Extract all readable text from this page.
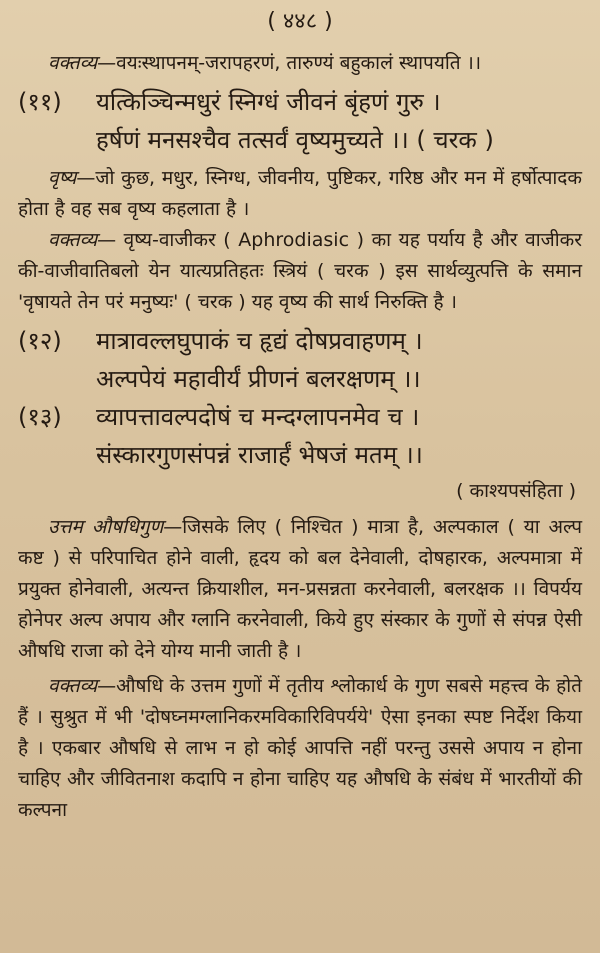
( ४४८ )

वक्तव्य—वयःस्थापनम्-जरापहरणं, तारुण्यं बहुकालं स्थापयति ।।

(११) यत्किञ्चिन्मधुरं स्निग्धं जीवनं बृंहणं गुरु ।
हर्षणं मनसश्चैव तत्सर्वं वृष्यमुच्यते ।। ( चरक )

वृष्य—जो कुछ, मधुर, स्निग्ध, जीवनीय, पुष्टिकर, गरिष्ठ और मन में हर्षोत्पादक होता है वह सब वृष्य कहलाता है ।

वक्तव्य— वृष्य-वाजीकर ( Aphrodiasic ) का यह पर्याय है और वाजीकर की-वाजीवातिबलो येन यात्यप्रतिहतः स्त्रियं ( चरक ) इस सार्थव्युत्पत्ति के समान 'वृषायते तेन परं मनुष्यः' ( चरक ) यह वृष्य की सार्थ निरुक्ति है ।

(१२) मात्रावल्लघुपाकं च हृद्यं दोषप्रवाहणम् ।
अल्पपेयं महावीर्यं प्रीणनं बलरक्षणम् ।।
(१३) व्यापत्तावल्पदोषं च मन्दग्लापनमेव च ।
संस्कारगुणसंपन्नं राजार्हं भेषजं मतम् ।।
( काश्यपसंहिता )

उत्तम औषधिगुण—जिसके लिए ( निश्चित ) मात्रा है, अल्पकाल ( या अल्प कष्ट ) से परिपाचित होने वाली, हृदय को बल देनेवाली, दोषहारक, अल्पमात्रा में प्रयुक्त होनेवाली, अत्यन्त क्रियाशील, मन-प्रसन्नता करनेवाली, बलरक्षक ।। विपर्यय होनेपर अल्प अपाय और ग्लानि करनेवाली, किये हुए संस्कार के गुणों से संपन्न ऐसी औषधि राजा को देने योग्य मानी जाती है ।

वक्तव्य—औषधि के उत्तम गुणों में तृतीय श्लोकार्ध के गुण सबसे महत्त्व के होते हैं । सुश्रुत में भी 'दोषघ्नमग्लानिकरमविकारिविपर्यये' ऐसा इनका स्पष्ट निर्देश किया है । एकबार औषधि से लाभ न हो कोई आपत्ति नहीं परन्तु उससे अपाय न होना चाहिए और जीवितनाश कदापि न होना चाहिए यह औषधि के संबंध में भारतीयों की कल्पना
